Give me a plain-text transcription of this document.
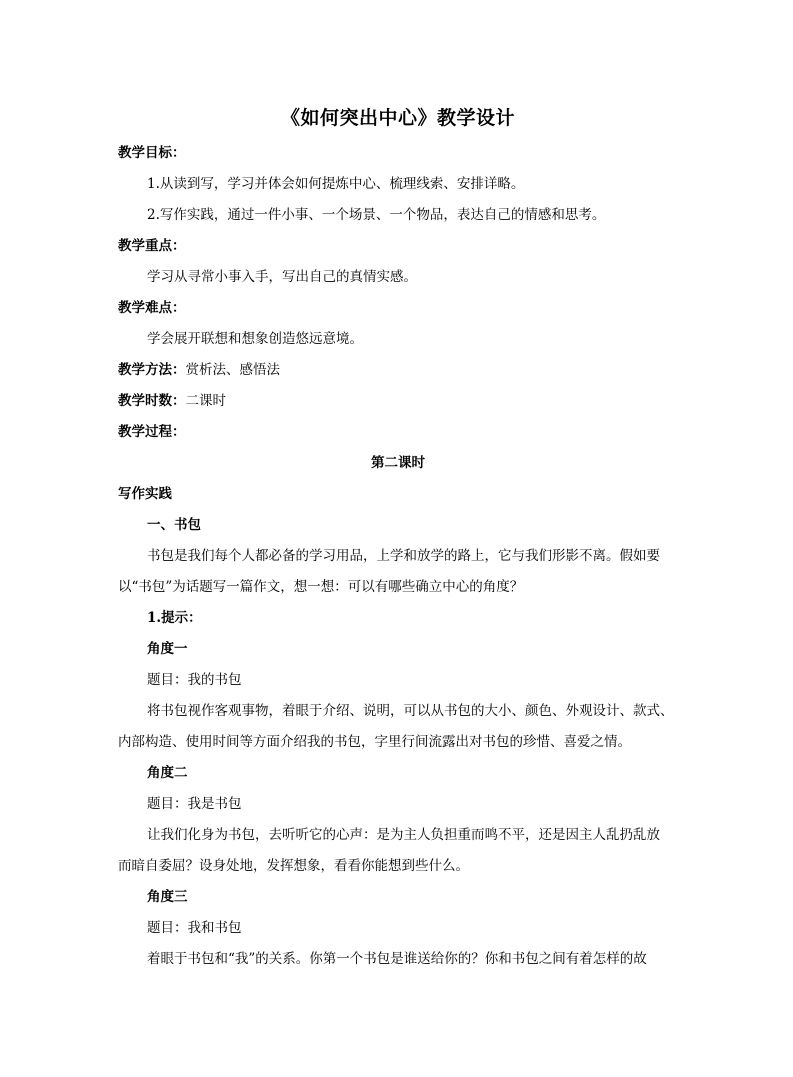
《如何突出中心》教学设计
教学目标：
1.从读到写，学习并体会如何提炼中心、梳理线索、安排详略。
2.写作实践，通过一件小事、一个场景、一个物品，表达自己的情感和思考。
教学重点：
学习从寻常小事入手，写出自己的真情实感。
教学难点：
学会展开联想和想象创造悠远意境。
教学方法：赏析法、感悟法
教学时数：二课时
教学过程：
第二课时
写作实践
一、书包
书包是我们每个人都必备的学习用品，上学和放学的路上，它与我们形影不离。假如要
以“书包”为话题写一篇作文，想一想：可以有哪些确立中心的角度？
1.提示：
角度一
题目：我的书包
将书包视作客观事物，着眼于介绍、说明，可以从书包的大小、颜色、外观设计、款式、
内部构造、使用时间等方面介绍我的书包，字里行间流露出对书包的珍惜、喜爱之情。
角度二
题目：我是书包
让我们化身为书包，去听听它的心声：是为主人负担重而鸣不平，还是因主人乱扔乱放
而暗自委屈？设身处地，发挥想象，看看你能想到些什么。
角度三
题目：我和书包
着眼于书包和“我”的关系。你第一个书包是谁送给你的？你和书包之间有着怎样的故
